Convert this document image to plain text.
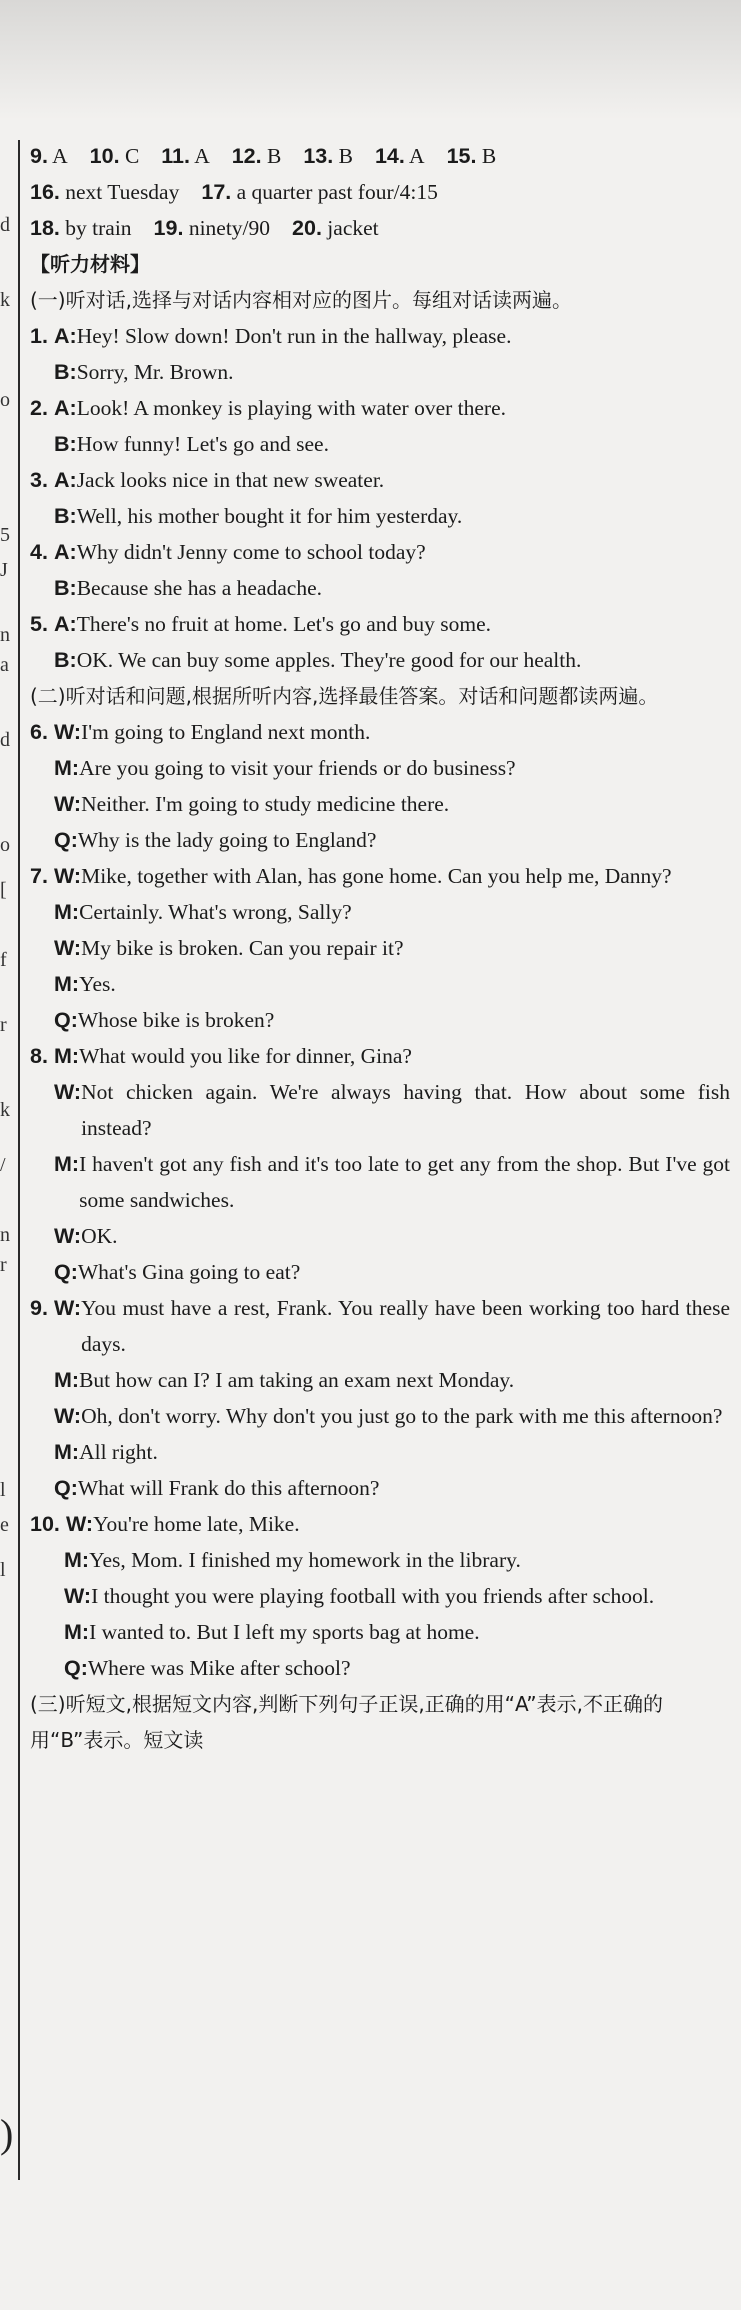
d
k
o
5
J
n
a
d
o
[
f
r
k
/
n
r
l
e
l
)
9. A 10. C 11. A 12. B 13. B 14. A 15. B
16. next Tuesday 17. a quarter past four/4:15
18. by train 19. ninety/90 20. jacket
【听力材料】
(一)听对话,选择与对话内容相对应的图片。每组对话读两遍。
1. A: Hey! Slow down! Don't run in the hallway, please.
B: Sorry, Mr. Brown.
2. A: Look! A monkey is playing with water over there.
B: How funny! Let's go and see.
3. A: Jack looks nice in that new sweater.
B: Well, his mother bought it for him yesterday.
4. A: Why didn't Jenny come to school today?
B: Because she has a headache.
5. A: There's no fruit at home. Let's go and buy some.
B: OK. We can buy some apples. They're good for our health.
(二)听对话和问题,根据所听内容,选择最佳答案。对话和问题都读两遍。
6. W: I'm going to England next month.
M: Are you going to visit your friends or do business?
W: Neither. I'm going to study medicine there.
Q: Why is the lady going to England?
7. W: Mike, together with Alan, has gone home. Can you help me, Danny?
M: Certainly. What's wrong, Sally?
W: My bike is broken. Can you repair it?
M: Yes.
Q: Whose bike is broken?
8. M: What would you like for dinner, Gina?
W: Not chicken again. We're always having that. How about some fish instead?
M: I haven't got any fish and it's too late to get any from the shop. But I've got some sandwiches.
W: OK.
Q: What's Gina going to eat?
9. W: You must have a rest, Frank. You really have been working too hard these days.
M: But how can I? I am taking an exam next Monday.
W: Oh, don't worry. Why don't you just go to the park with me this afternoon?
M: All right.
Q: What will Frank do this afternoon?
10. W: You're home late, Mike.
M: Yes, Mom. I finished my homework in the library.
W: I thought you were playing football with you friends after school.
M: I wanted to. But I left my sports bag at home.
Q: Where was Mike after school?
(三)听短文,根据短文内容,判断下列句子正误,正确的用“A”表示,不正确的用“B”表示。短文读
